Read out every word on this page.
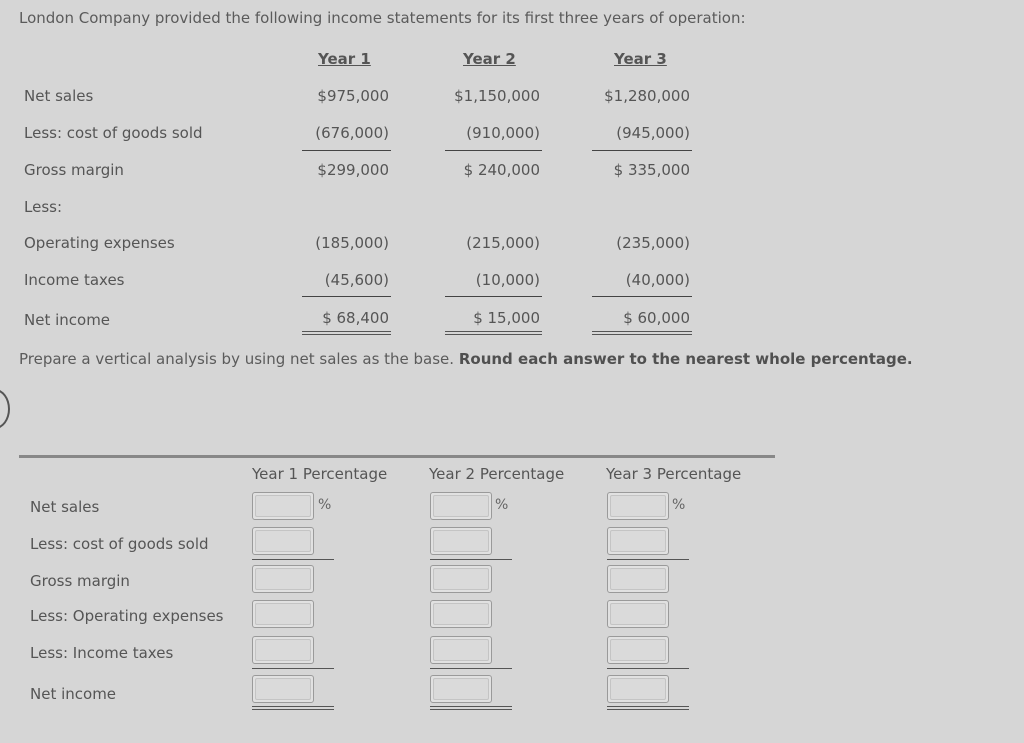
London Company provided the following income statements for its first three years of operation:
Year 1	Year 2	Year 3
Net sales	$975,000	$1,150,000	$1,280,000
Less: cost of goods sold	(676,000)	(910,000)	(945,000)
Gross margin	$299,000	$ 240,000	$ 335,000
Less:
Operating expenses	(185,000)	(215,000)	(235,000)
Income taxes	(45,600)	(10,000)	(40,000)
Net income	$ 68,400	$ 15,000	$ 60,000
Prepare a vertical analysis by using net sales as the base. Round each answer to the nearest whole percentage.
Year 1 Percentage	Year 2 Percentage	Year 3 Percentage
Net sales
Less: cost of goods sold
Gross margin
Less: Operating expenses
Less: Income taxes
Net income
%	%	%
